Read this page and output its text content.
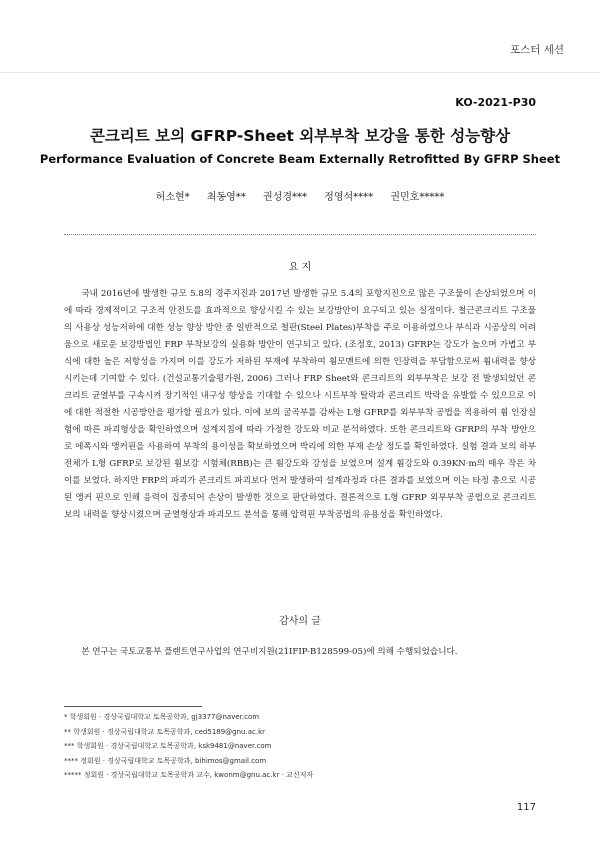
포스터 세션
KO-2021-P30
콘크리트 보의 GFRP-Sheet 외부부착 보강을 통한 성능향상
Performance Evaluation of Concrete Beam Externally Retrofitted By GFRP Sheet
허소현* 최동영** 권성경*** 정영석**** 권민호*****
요 지

국내 2016년에 발생한 규모 5.8의 경주지진과 2017년 발생한 규모 5.4의 포항지진으로 많은 구조물이 손상되었으며 이에 따라 경제적이고 구조적 안전도를 효과적으로 향상시킬 수 있는 보강방안이 요구되고 있는 실정이다. 철근콘크리트 구조물의 사용상 성능저하에 대한 성능 향상 방안 중 일반적으로 철판(Steel Plates)부착을 주로 이용하였으나 부식과 시공상의 어려움으로 새로운 보강방법인 FRP 부착보강의 실용화 방안이 연구되고 있다. (조정호, 2013) GFRP는 강도가 높으며 가볍고 부식에 대한 높은 저항성을 가지며 이를 강도가 저하된 부재에 부착하여 휨모멘트에 의한 인장력을 부담함으로써 휨내력을 향상시키는데 기여할 수 있다. (건설교통기술평가원, 2006) 그러나 FRP Sheet와 콘크리트의 외부부착은 보강 전 발생되었던 콘크리트 균열부를 구속시켜 장기적인 내구성 향상을 기대할 수 있으나 시트부착 탈락과 콘크리트 박락을 유발할 수 있으므로 이에 대한 적절한 시공방안을 평가할 필요가 있다. 이에 보의 굴곡부를 감싸는 L형 GFRP를 외부부착 공법을 적용하여 휨 인장실험에 따른 파괴형상을 확인하였으며 설계지침에 따라 가정한 강도와 비교 분석하였다. 또한 콘크리트와 GFRP의 부착 방안으로 에폭시와 앵커핀을 사용하여 부착의 용이성을 확보하였으며 박리에 의한 부재 손상 정도를 확인하였다. 실험 결과 보의 하부 전체가 L형 GFRP로 보강된 휨보강 시험체(RBB)는 큰 휨강도와 강성을 보였으며 설계 휨강도와 0.39KN·m의 매우 작은 차이를 보였다. 하지만 FRP의 파괴가 콘크리트 파괴보다 먼저 발생하여 설계과정과 다른 결과를 보였으며 이는 타정 총으로 시공된 앵커 핀으로 인해 응력이 집중되어 손상이 발생한 것으로 판단하였다. 결론적으로 L형 GFRP 외부부착 공법으로 콘크리트 보의 내력을 향상시켰으며 균열형상과 파괴모드 분석을 통해 압력핀 부착공법의 유용성을 확인하였다.

감사의 글

본 연구는 국토교통부 플랜트연구사업의 연구비지원(21IFIP-B128599-05)에 의해 수행되었습니다.

* 학생회원 · 경상국립대학교 토목공학과, gj3377@naver.com
** 학생회원 · 경상국립대학교 토목공학과, ced5189@gnu.ac.kr
*** 학생회원 · 경상국립대학교 토목공학과, ksk9481@naver.com
**** 정회원 · 경상국립대학교 토목공학과, bihimos@gmail.com
***** 정회원 · 경상국립대학교 토목공학과 교수, kwonm@gnu.ac.kr · 교신저자
117
